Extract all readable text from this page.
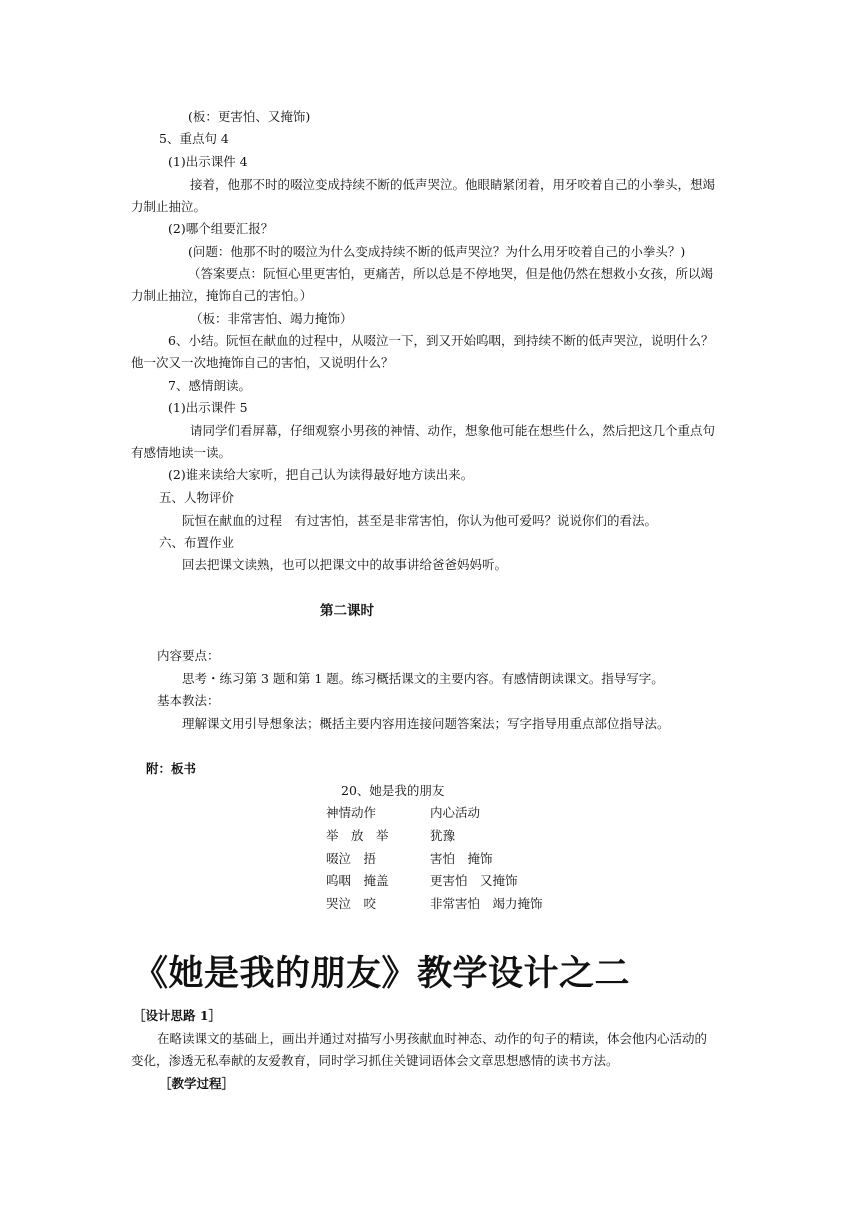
(板：更害怕、又掩饰)
5、重点句 4
(1)出示课件 4
接着，他那不时的啜泣变成持续不断的低声哭泣。他眼睛紧闭着，用牙咬着自己的小拳头，想竭
力制止抽泣。
(2)哪个组要汇报？
(问题：他那不时的啜泣为什么变成持续不断的低声哭泣？为什么用牙咬着自己的小拳头？)
（答案要点：阮恒心里更害怕，更痛苦，所以总是不停地哭，但是他仍然在想救小女孩，所以竭
力制止抽泣，掩饰自己的害怕。）
（板：非常害怕、竭力掩饰）
6、小结。阮恒在献血的过程中，从啜泣一下，到又开始呜咽，到持续不断的低声哭泣，说明什么？
他一次又一次地掩饰自己的害怕，又说明什么？
7、感情朗读。
(1)出示课件 5
请同学们看屏幕，仔细观察小男孩的神情、动作，想象他可能在想些什么，然后把这几个重点句
有感情地读一读。
(2)谁来读给大家听，把自己认为读得最好地方读出来。
五、人物评价
阮恒在献血的过程　有过害怕，甚至是非常害怕，你认为他可爱吗？说说你们的看法。
六、布置作业
回去把课文读熟，也可以把课文中的故事讲给爸爸妈妈听。
第二课时
内容要点：
思考・练习第 3 题和第 1 题。练习概括课文的主要内容。有感情朗读课文。指导写字。
基本教法：
理解课文用引导想象法；概括主要内容用连接问题答案法；写字指导用重点部位指导法。
附：板书
20、她是我的朋友
神情动作	内心活动
举　放　举	犹豫
啜泣　捂	害怕　掩饰
呜咽　掩盖	更害怕　又掩饰
哭泣　咬	非常害怕　竭力掩饰
《她是我的朋友》教学设计之二
［设计思路 1］
在略读课文的基础上，画出并通过对描写小男孩献血时神态、动作的句子的精读，体会他内心活动的
变化，渗透无私奉献的友爱教育，同时学习抓住关键词语体会文章思想感情的读书方法。
［教学过程］
